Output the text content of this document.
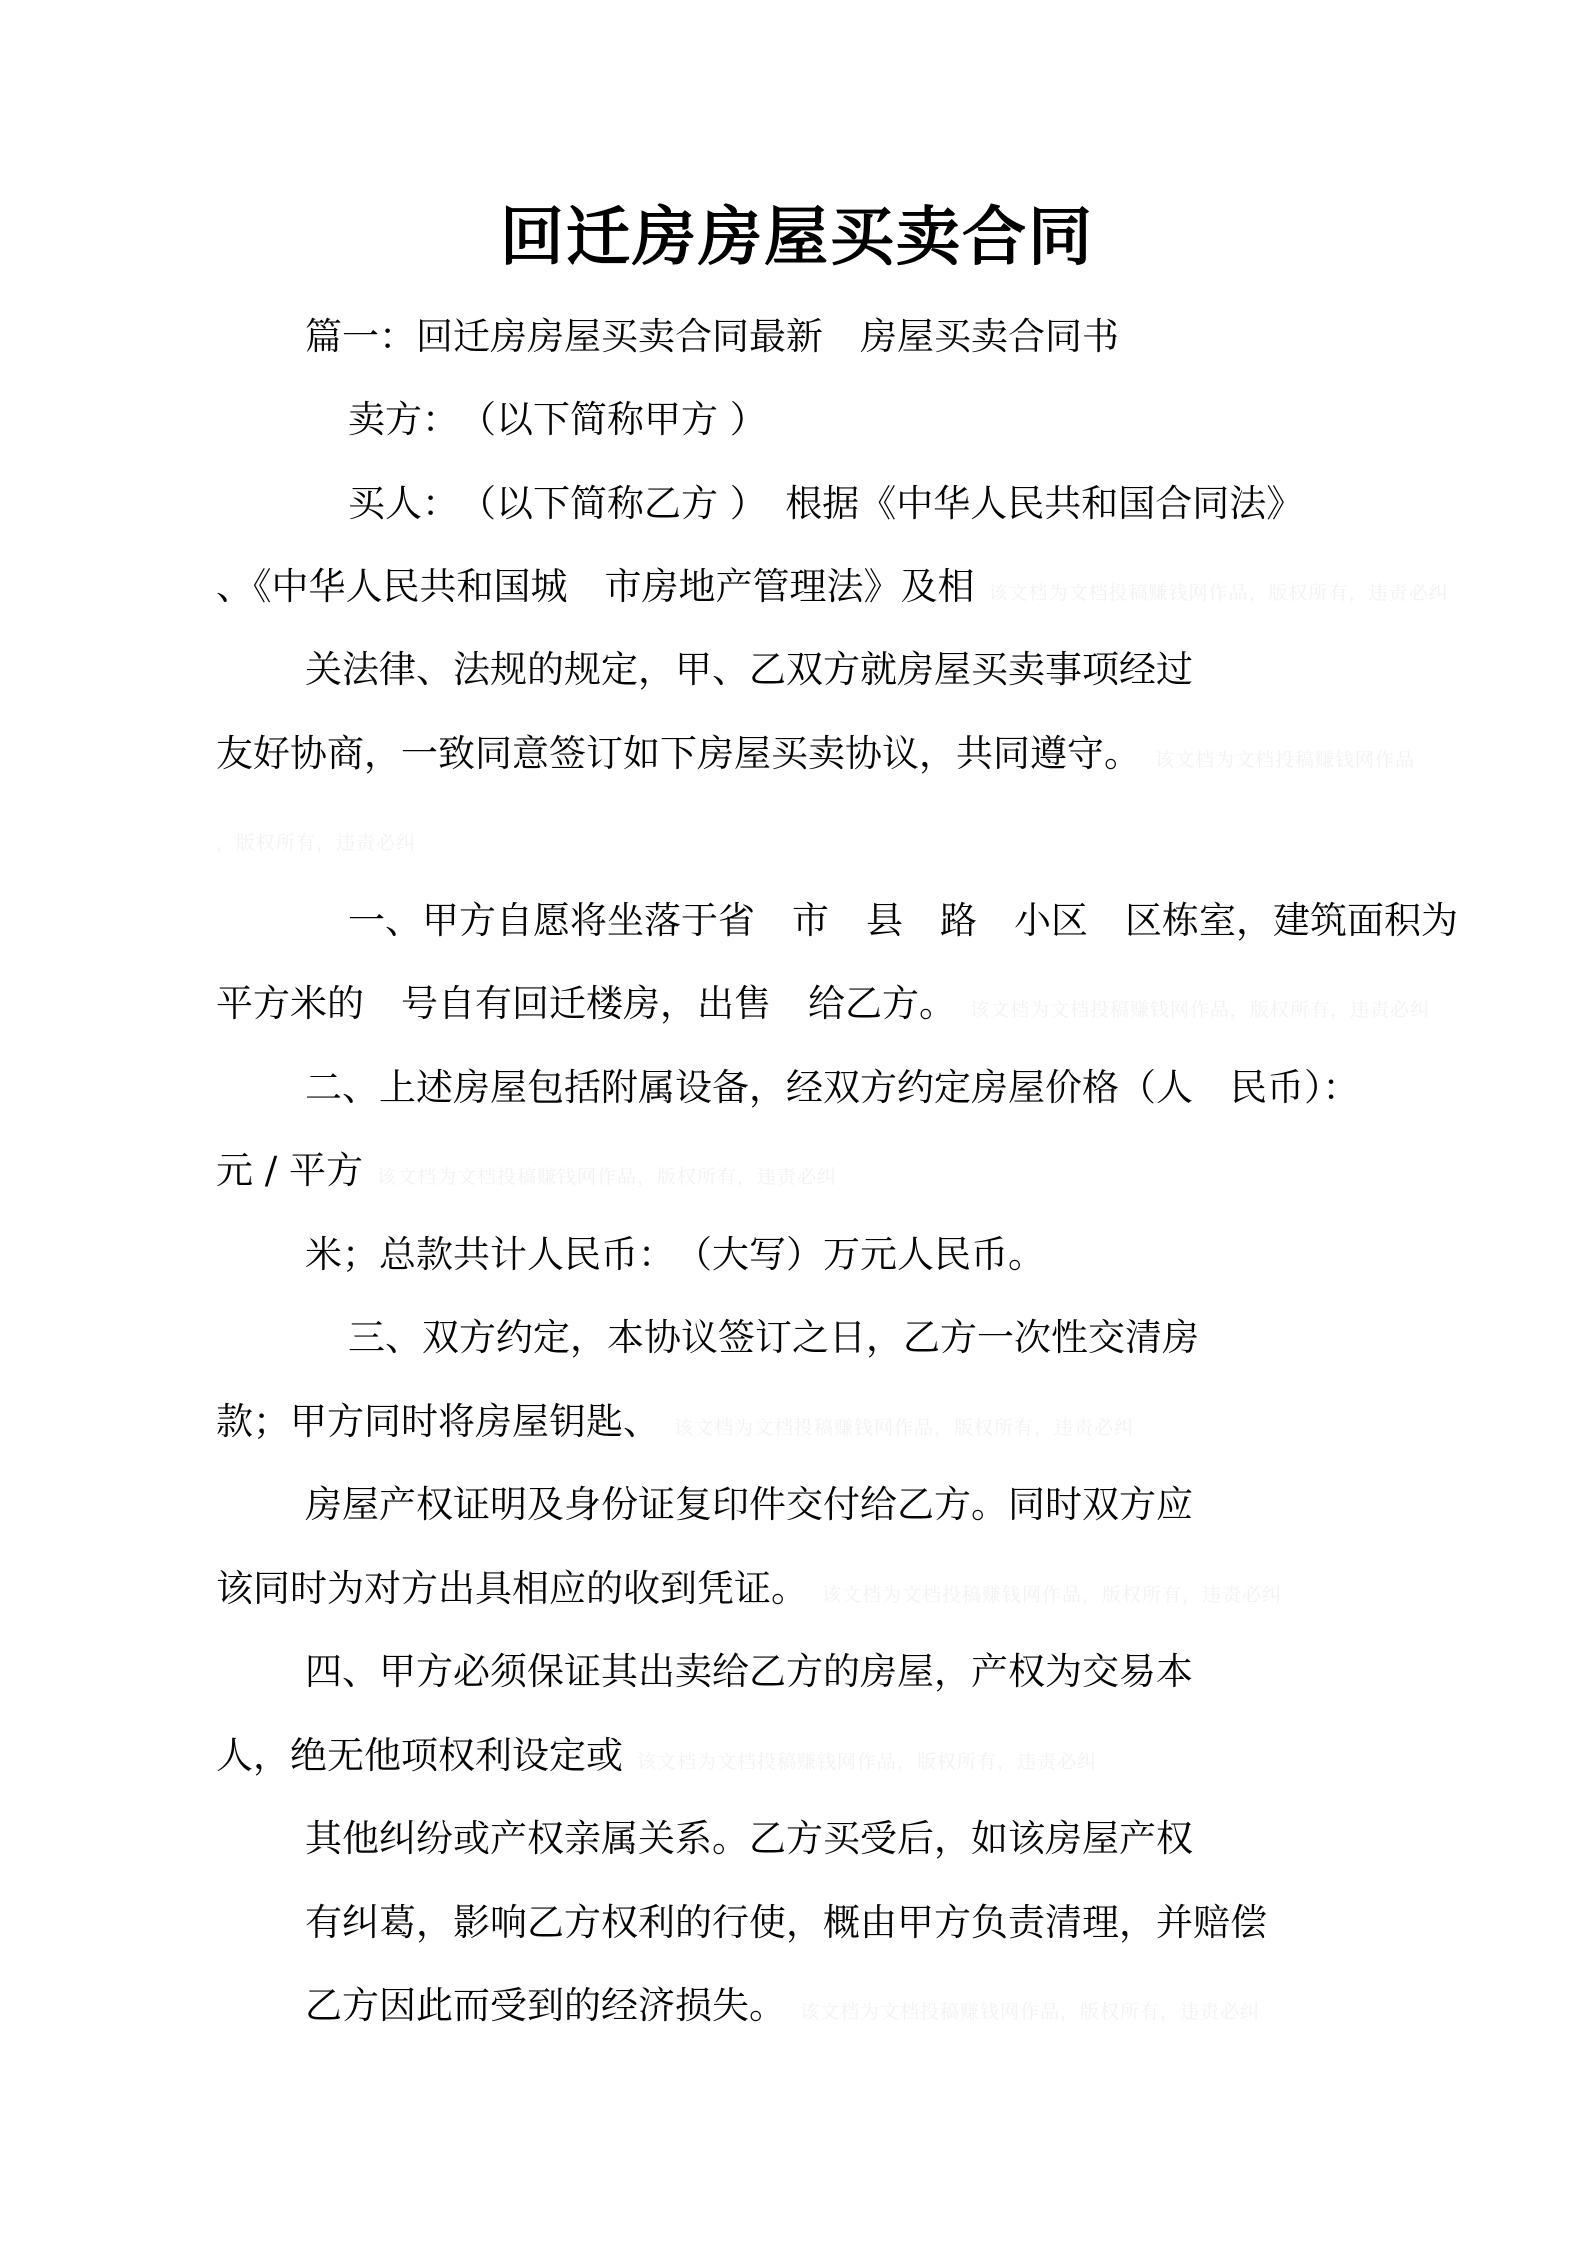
回迁房房屋买卖合同
篇一：回迁房房屋买卖合同最新　房屋买卖合同书
卖方：　（以下简称甲方 ）
买人：　（以下简称乙方 ）　根据《中华人民共和国合同法》
、《中华人民共和国城　市房地产管理法》及相 该文档为文档投稿赚钱网作品，版权所有，违责必纠
关法律、法规的规定，甲、乙双方就房屋买卖事项经过
友好协商，一致同意签订如下房屋买卖协议，共同遵守。 该文档为文档投稿赚钱网作品
，版权所有，违责必纠
一、甲方自愿将坐落于省　市　县　路　小区　区栋室，建筑面积为
平方米的　号自有回迁楼房，出售　给乙方。 该文档为文档投稿赚钱网作品，版权所有，违责必纠
二、上述房屋包括附属设备，经双方约定房屋价格（人　民币）：
元 / 平方 该文档为文档投稿赚钱网作品，版权所有，违责必纠
米；总款共计人民币：　（大写）万元人民币。
三、双方约定，本协议签订之日，乙方一次性交清房
款；甲方同时将房屋钥匙、 该文档为文档投稿赚钱网作品，版权所有，违责必纠
房屋产权证明及身份证复印件交付给乙方。同时双方应
该同时为对方出具相应的收到凭证。 该文档为文档投稿赚钱网作品，版权所有，违责必纠
四、甲方必须保证其出卖给乙方的房屋，产权为交易本
人，绝无他项权利设定或 该文档为文档投稿赚钱网作品，版权所有，违责必纠
其他纠纷或产权亲属关系。乙方买受后，如该房屋产权
有纠葛，影响乙方权利的行使，概由甲方负责清理，并赔偿
乙方因此而受到的经济损失。 该文档为文档投稿赚钱网作品，版权所有，违责必纠
